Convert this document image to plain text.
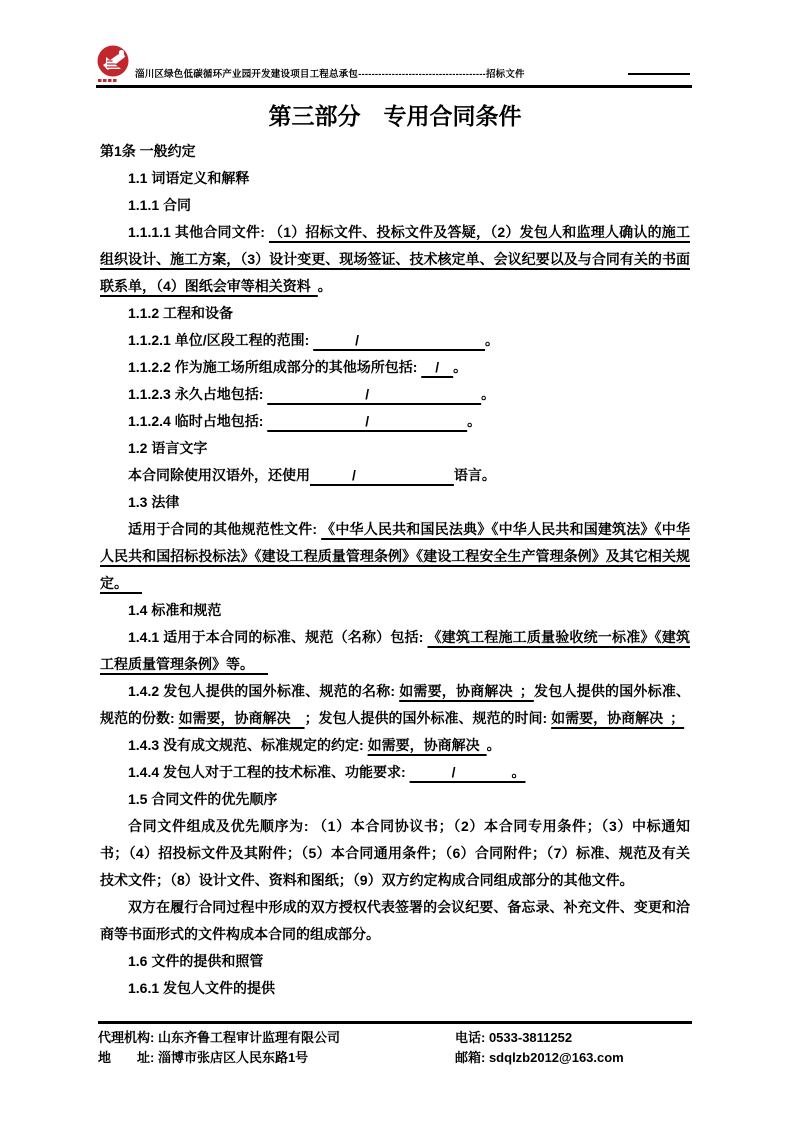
淄川区绿色低碳循环产业园开发建设项目工程总承包--------------------------------------招标文件
第三部分　专用合同条件

第1条 一般约定

1.1 词语定义和解释

1.1.1 合同

1.1.1.1 其他合同文件: （1）招标文件、投标文件及答疑，（2）发包人和监理人确认的施工组织设计、施工方案，（3）设计变更、现场签证、技术核定单、会议纪要以及与合同有关的书面联系单，（4）图纸会审等相关资料 。

1.1.2 工程和设备

1.1.2.1 单位/区段工程的范围: 　　　/　　　　　　　　　。

1.1.2.2 作为施工场所组成部分的其他场所包括: 　/　。

1.1.2.3 永久占地包括: 　　　　　　　/　　　　　　　　。

1.1.2.4 临时占地包括: 　　　　　　　/　　　　　　　。

1.2 语言文字

本合同除使用汉语外，还使用　　　/　　　　　　　语言。

1.3 法律

适用于合同的其他规范性文件: 《中华人民共和国民法典》《中华人民共和国建筑法》《中华人民共和国招标投标法》《建设工程质量管理条例》《建设工程安全生产管理条例》及其它相关规定。  

1.4 标准和规范

1.4.1 适用于本合同的标准、规范（名称）包括: 《建筑工程施工质量验收统一标准》《建筑工程质量管理条例》等。  

1.4.2 发包人提供的国外标准、规范的名称: 如需要，协商解决 ；发包人提供的国外标准、规范的份数: 如需要，协商解决  ；发包人提供的国外标准、规范的时间: 如需要，协商解决 ；

1.4.3 没有成文规范、标准规定的约定: 如需要，协商解决 。

1.4.4 发包人对于工程的技术标准、功能要求: 　　　/　　　　。

1.5 合同文件的优先顺序

合同文件组成及优先顺序为: （1）本合同协议书；（2）本合同专用条件；（3）中标通知书；（4）招投标文件及其附件；（5）本合同通用条件；（6）合同附件；（7）标准、规范及有关技术文件；（8）设计文件、资料和图纸；（9）双方约定构成合同组成部分的其他文件。

双方在履行合同过程中形成的双方授权代表签署的会议纪要、备忘录、补充文件、变更和洽商等书面形式的文件构成本合同的组成部分。

1.6 文件的提供和照管

1.6.1 发包人文件的提供

代理机构: 山东齐鲁工程审计监理有限公司
地　　址: 淄博市张店区人民东路1号
电话: 0533-3811252
邮箱: sdqlzb2012@163.com
